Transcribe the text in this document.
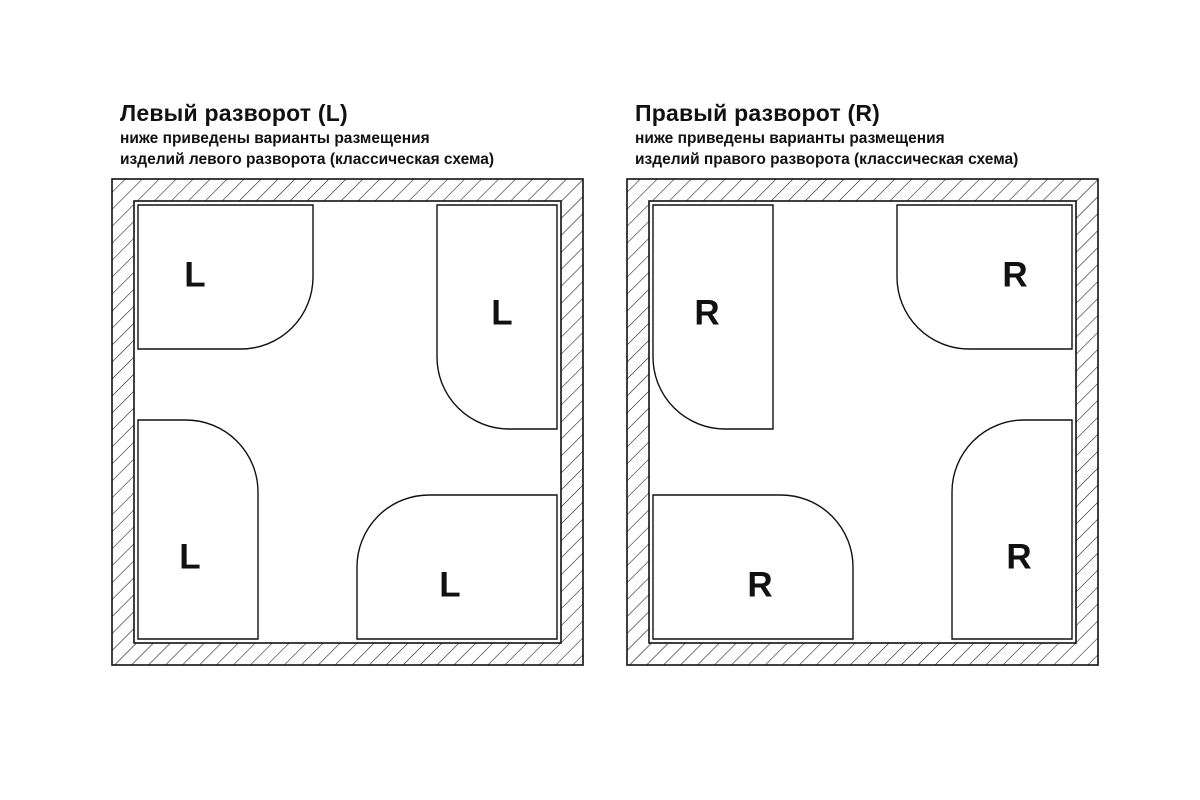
Левый разворот (L)
ниже приведены варианты размещения
изделий левого разворота (классическая схема)
L
L
L
L
Правый разворот (R)
ниже приведены варианты размещения
изделий правого разворота (классическая схема)
R
R
R
R
